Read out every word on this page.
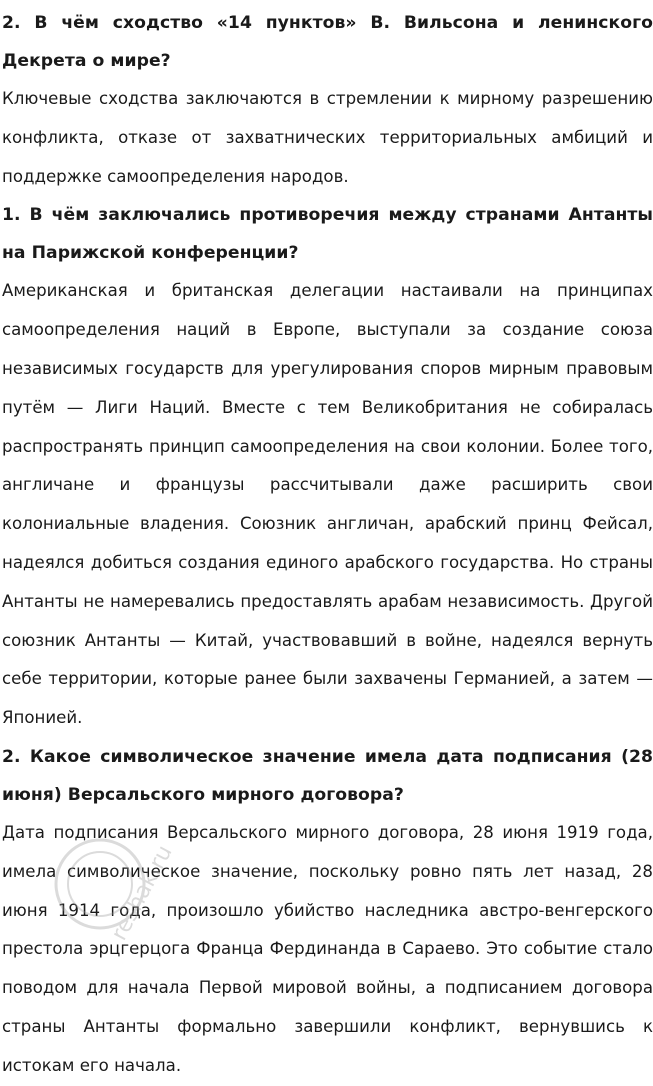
2. В чём сходство «14 пунктов» В. Вильсона и ленинского Декрета о мире?

Ключевые сходства заключаются в стремлении к мирному разрешению конфликта, отказе от захватнических территориальных амбиций и поддержке самоопределения народов.

1. В чём заключались противоречия между странами Антанты на Парижской конференции?

Американская и британская делегации настаивали на принципах самоопределения наций в Европе, выступали за создание союза независимых государств для урегулирования споров мирным правовым путём — Лиги Наций. Вместе с тем Великобритания не собиралась распространять принцип самоопределения на свои колонии. Более того, англичане и французы рассчитывали даже расширить свои колониальные владения. Союзник англичан, арабский принц Фейсал, надеялся добиться создания единого арабского государства. Но страны Антанты не намеревались предоставлять арабам независимость. Другой союзник Антанты — Китай, участвовавший в войне, надеялся вернуть себе территории, которые ранее были захвачены Германией, а затем — Японией.

2. Какое символическое значение имела дата подписания (28 июня) Версальского мирного договора?

Дата подписания Версальского мирного договора, 28 июня 1919 года, имела символическое значение, поскольку ровно пять лет назад, 28 июня 1914 года, произошло убийство наследника австро-венгерского престола эрцгерцога Франца Фердинанда в Сараево. Это событие стало поводом для начала Первой мировой войны, а подписанием договора страны Антанты формально завершили конфликт, вернувшись к истокам его начала.

reshak.ru
